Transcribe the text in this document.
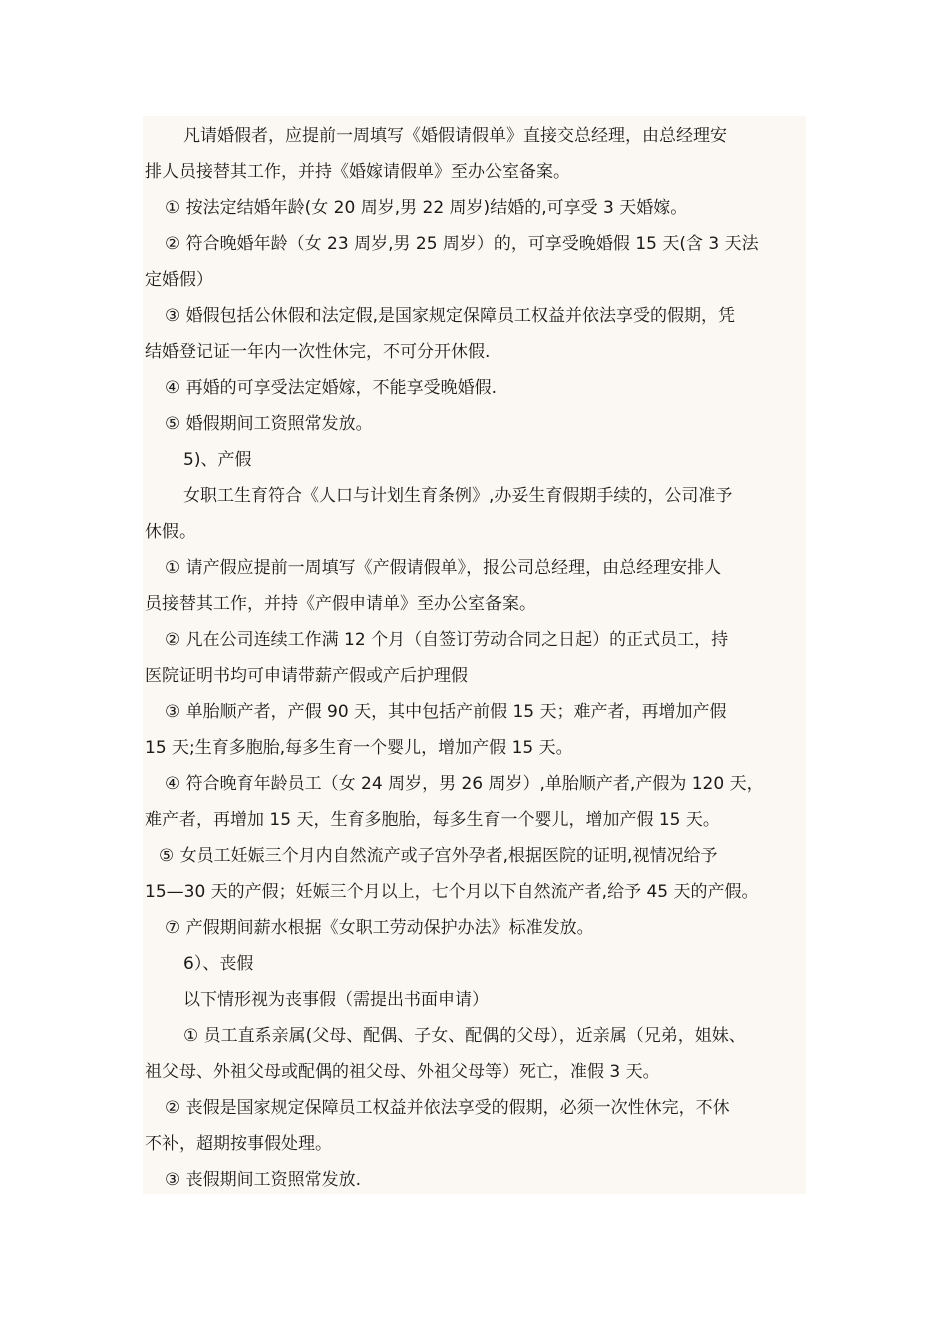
凡请婚假者，应提前一周填写《婚假请假单》直接交总经理，由总经理安
排人员接替其工作，并持《婚嫁请假单》至办公室备案。
① 按法定结婚年龄(女 20 周岁,男 22 周岁)结婚的,可享受 3 天婚嫁。
② 符合晚婚年龄（女 23 周岁,男 25 周岁）的，可享受晚婚假 15 天(含 3 天法
定婚假）
③ 婚假包括公休假和法定假,是国家规定保障员工权益并依法享受的假期，凭
结婚登记证一年内一次性休完，不可分开休假.
④ 再婚的可享受法定婚嫁，不能享受晚婚假.
⑤ 婚假期间工资照常发放。
5)、产假
女职工生育符合《人口与计划生育条例》,办妥生育假期手续的，公司准予
休假。
① 请产假应提前一周填写《产假请假单》，报公司总经理，由总经理安排人
员接替其工作，并持《产假申请单》至办公室备案。
② 凡在公司连续工作满 12 个月（自签订劳动合同之日起）的正式员工，持
医院证明书均可申请带薪产假或产后护理假
③ 单胎顺产者，产假 90 天，其中包括产前假 15 天；难产者，再增加产假
15 天;生育多胞胎,每多生育一个婴儿，增加产假 15 天。
④ 符合晚育年龄员工（女 24 周岁，男 26 周岁）,单胎顺产者,产假为 120 天，
难产者，再增加 15 天，生育多胞胎，每多生育一个婴儿，增加产假 15 天。
⑤ 女员工妊娠三个月内自然流产或子宫外孕者,根据医院的证明,视情况给予
15—30 天的产假；妊娠三个月以上，七个月以下自然流产者,给予 45 天的产假。
⑦ 产假期间薪水根据《女职工劳动保护办法》标准发放。
6）、丧假
以下情形视为丧事假（需提出书面申请）
① 员工直系亲属(父母、配偶、子女、配偶的父母），近亲属（兄弟，姐妹、
祖父母、外祖父母或配偶的祖父母、外祖父母等）死亡，准假 3 天。
② 丧假是国家规定保障员工权益并依法享受的假期，必须一次性休完，不休
不补，超期按事假处理。
③ 丧假期间工资照常发放.
